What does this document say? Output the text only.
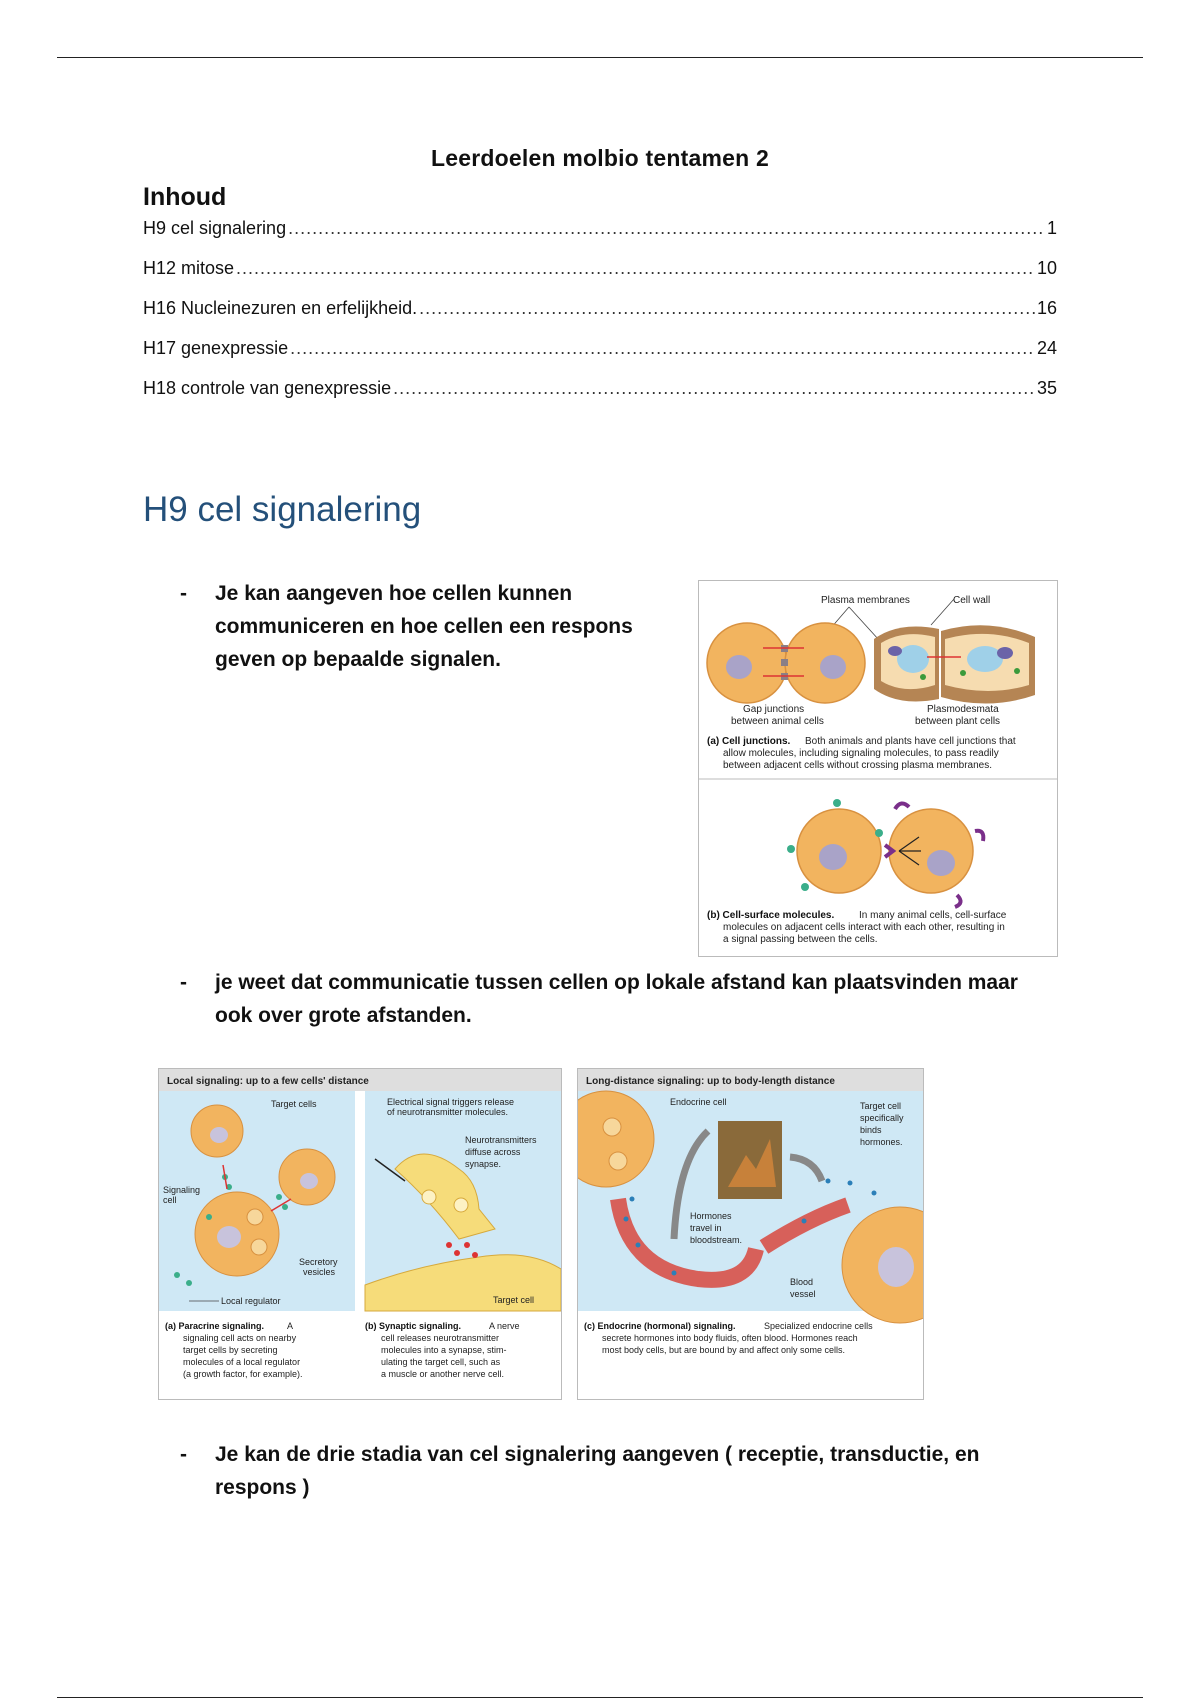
Leerdoelen molbio tentamen 2
Inhoud
H9 cel signalering .....	1
H12 mitose .....	10
H16 Nucleinezuren en erfelijkheid. .....	16
H17 genexpressie .....	24
H18 controle van genexpressie .....	35
H9 cel signalering
- Je kan aangeven hoe cellen kunnen communiceren en hoe cellen een respons geven op bepaalde signalen.
Plasma membranes	Cell wall
Gap junctions
between animal cells
Plasmodesmata
between plant cells
(a) Cell junctions. Both animals and plants have cell junctions that
allow molecules, including signaling molecules, to pass readily
between adjacent cells without crossing plasma membranes.
(b) Cell-surface molecules. In many animal cells, cell-surface
molecules on adjacent cells interact with each other, resulting in
a signal passing between the cells.
- je weet dat communicatie tussen cellen op lokale afstand kan plaatsvinden maar ook over grote afstanden.
Local signaling: up to a few cells' distance
Target cells
Signaling
cell
Secretory
vesicles
Local regulator
Electrical signal triggers release
of neurotransmitter molecules.
Neurotransmitters
diffuse across
synapse.
Target cell
(a) Paracrine signaling.	A
signaling cell acts on nearby
target cells by secreting
molecules of a local regulator
(a growth factor, for example).
(b) Synaptic signaling.	A nerve
cell releases neurotransmitter
molecules into a synapse, stim-
ulating the target cell, such as
a muscle or another nerve cell.
Long-distance signaling: up to body-length distance
Endocrine cell	Target cell
specifically
binds
hormones.
Hormones
travel in
bloodstream.
Blood
vessel
(c) Endocrine (hormonal) signaling.	Specialized endocrine cells
secrete hormones into body fluids, often blood. Hormones reach
most body cells, but are bound by and affect only some cells.
- Je kan de drie stadia van cel signalering aangeven ( receptie, transductie, en respons )
